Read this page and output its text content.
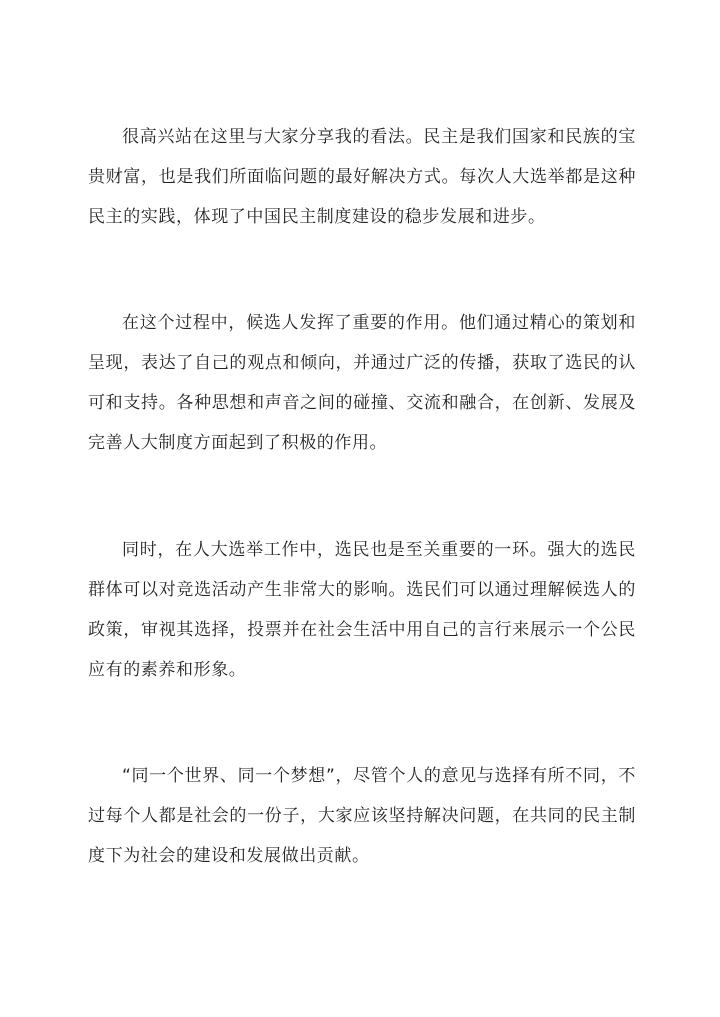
很高兴站在这里与大家分享我的看法。民主是我们国家和民族的宝贵财富，也是我们所面临问题的最好解决方式。每次人大选举都是这种民主的实践，体现了中国民主制度建设的稳步发展和进步。

在这个过程中，候选人发挥了重要的作用。他们通过精心的策划和呈现，表达了自己的观点和倾向，并通过广泛的传播，获取了选民的认可和支持。各种思想和声音之间的碰撞、交流和融合，在创新、发展及完善人大制度方面起到了积极的作用。

同时，在人大选举工作中，选民也是至关重要的一环。强大的选民群体可以对竞选活动产生非常大的影响。选民们可以通过理解候选人的政策，审视其选择，投票并在社会生活中用自己的言行来展示一个公民应有的素养和形象。

“同一个世界、同一个梦想”，尽管个人的意见与选择有所不同，不过每个人都是社会的一份子，大家应该坚持解决问题，在共同的民主制度下为社会的建设和发展做出贡献。
